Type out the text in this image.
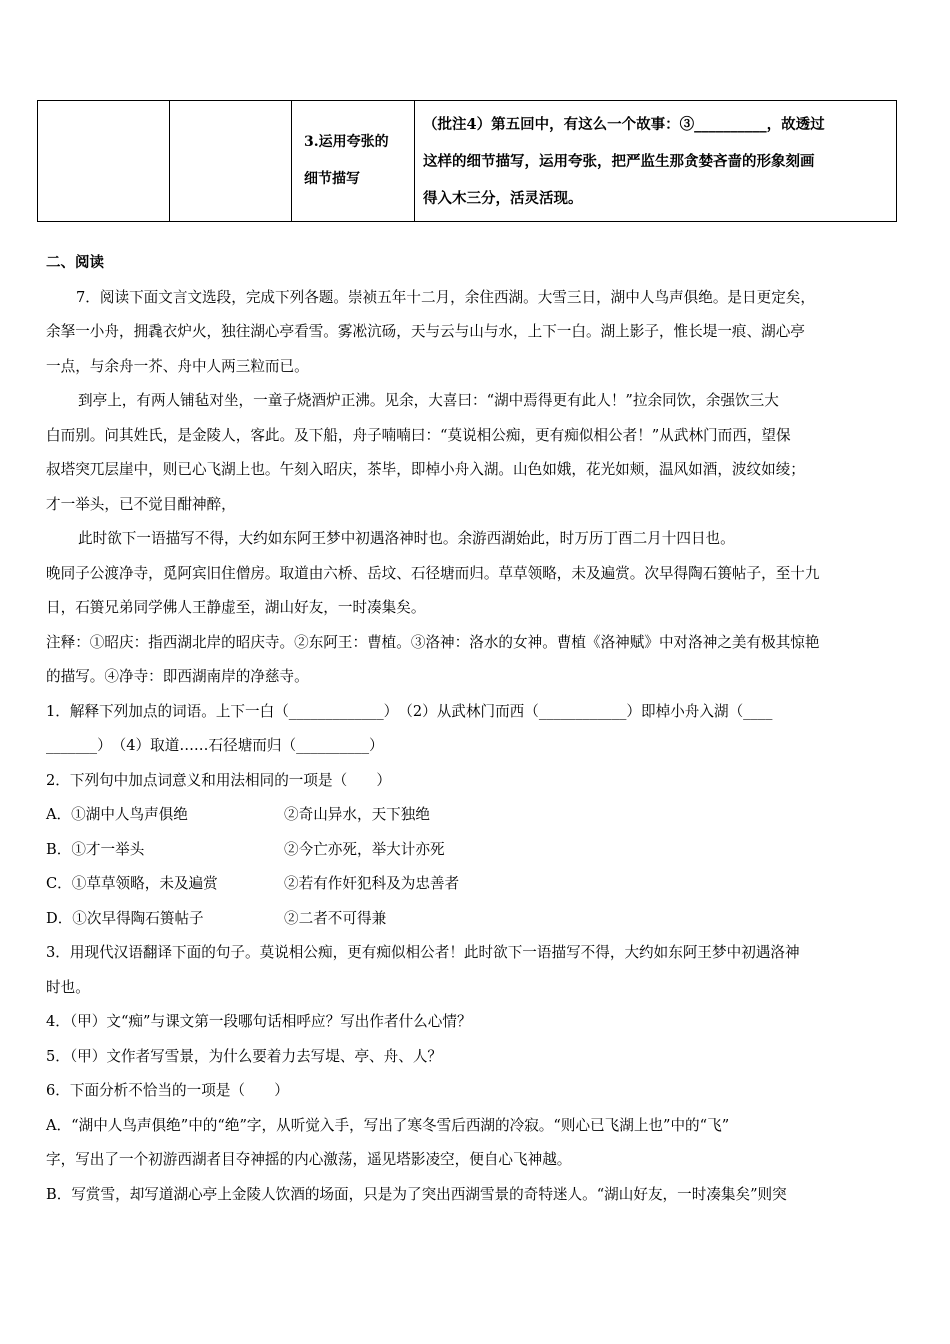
3.运用夸张的
细节描写

（批注4）第五回中，有这么一个故事：③__________，故透过
这样的细节描写，运用夸张，把严监生那贪婪吝啬的形象刻画
得入木三分，活灵活现。
二、阅读
7．阅读下面文言文选段，完成下列各题。崇祯五年十二月，余住西湖。大雪三日，湖中人鸟声俱绝。是日更定矣，
余拏一小舟，拥毳衣炉火，独往湖心亭看雪。雾凇沆砀，天与云与山与水，上下一白。湖上影子，惟长堤一痕、湖心亭
一点，与余舟一芥、舟中人两三粒而已。
到亭上，有两人铺毡对坐，一童子烧酒炉正沸。见余，大喜曰：“湖中焉得更有此人！”拉余同饮，余强饮三大
白而别。问其姓氏，是金陵人，客此。及下船，舟子喃喃曰：“莫说相公痴，更有痴似相公者！”从武林门而西，望保
叔塔突兀层崖中，则已心飞湖上也。午刻入昭庆，茶毕，即棹小舟入湖。山色如娥，花光如颊，温风如酒，波纹如绫；
才一举头，已不觉目酣神醉，
此时欲下一语描写不得，大约如东阿王梦中初遇洛神时也。余游西湖始此，时万历丁酉二月十四日也。
晚同子公渡净寺，觅阿宾旧住僧房。取道由六桥、岳坟、石径塘而归。草草领略，未及遍赏。次早得陶石篑帖子，至十九
日，石篑兄弟同学佛人王静虚至，湖山好友，一时凑集矣。
注释：①昭庆：指西湖北岸的昭庆寺。②东阿王：曹植。③洛神：洛水的女神。曹植《洛神赋》中对洛神之美有极其惊艳
的描写。④净寺：即西湖南岸的净慈寺。
1．解释下列加点的词语。上下一白（_____________）　（2）从武林门而西（____________）即棹小舟入湖（____
_______）　（4）取道……石径塘而归（__________）
2．下列句中加点词意义和用法相同的一项是（　　）
A．①湖中人鸟声俱绝	②奇山异水，天下独绝
B．①才一举头	②今亡亦死，举大计亦死
C．①草草领略，未及遍赏	②若有作奸犯科及为忠善者
D．①次早得陶石篑帖子	②二者不可得兼
3．用现代汉语翻译下面的句子。莫说相公痴，更有痴似相公者！此时欲下一语描写不得，大约如东阿王梦中初遇洛神
时也。
4．（甲）文“痴”与课文第一段哪句话相呼应？写出作者什么心情？
5．（甲）文作者写雪景，为什么要着力去写堤、亭、舟、人？
6．下面分析不恰当的一项是（　　）
A．“湖中人鸟声俱绝”中的“绝”字，从听觉入手，写出了寒冬雪后西湖的冷寂。“则心已飞湖上也”中的“飞”
字，写出了一个初游西湖者目夺神摇的内心激荡，遥见塔影凌空，便自心飞神越。
B．写赏雪，却写道湖心亭上金陵人饮酒的场面，只是为了突出西湖雪景的奇特迷人。“湖山好友，一时凑集矣”则突
